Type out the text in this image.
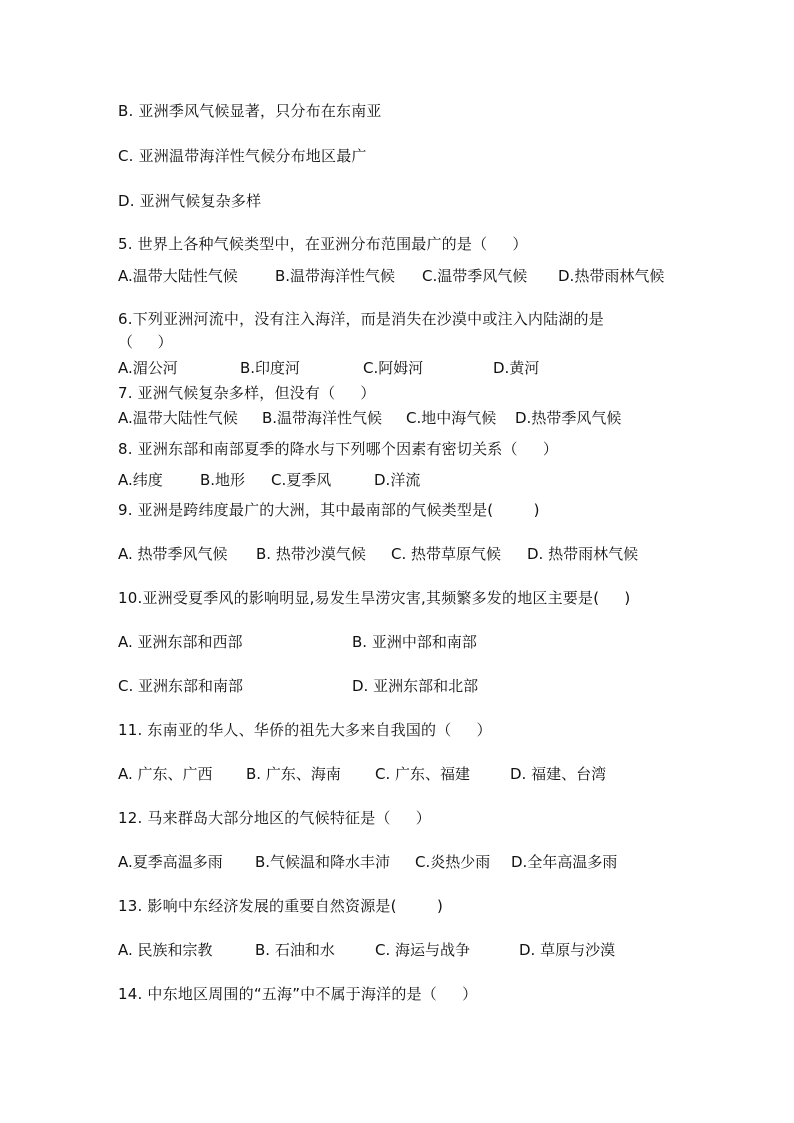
B. 亚洲季风气候显著，只分布在东南亚
C. 亚洲温带海洋性气候分布地区最广
D. 亚洲气候复杂多样
5. 世界上各种气候类型中，在亚洲分布范围最广的是（　  ）
A.温带大陆性气候 B.温带海洋性气候 C.温带季风气候 D.热带雨林气候
6.下列亚洲河流中，没有注入海洋，而是消失在沙漠中或注入内陆湖的是
（　  ）
A.湄公河	B.印度河	C.阿姆河	D.黄河
7. 亚洲气候复杂多样，但没有（　  ）
A.温带大陆性气候 B.温带海洋性气候 C.地中海气候 D.热带季风气候
8. 亚洲东部和南部夏季的降水与下列哪个因素有密切关系（　  ）
A.纬度 B.地形 C.夏季风	D.洋流
9. 亚洲是跨纬度最广的大洲，其中最南部的气候类型是(　　  )
A. 热带季风气候 B. 热带沙漠气候 C. 热带草原气候 D. 热带雨林气候
10.亚洲受夏季风的影响明显,易发生旱涝灾害,其频繁多发的地区主要是(　  )
A. 亚洲东部和西部	B. 亚洲中部和南部
C. 亚洲东部和南部	D. 亚洲东部和北部
11. 东南亚的华人、华侨的祖先大多来自我国的（　  ）
A. 广东、广西 B. 广东、海南 C. 广东、福建	D. 福建、台湾
12. 马来群岛大部分地区的气候特征是（　  ）
A.夏季高温多雨 B.气候温和降水丰沛 C.炎热少雨 D.全年高温多雨
13. 影响中东经济发展的重要自然资源是(　  　)
A. 民族和宗教	B. 石油和水	C. 海运与战争	D. 草原与沙漠
14. 中东地区周围的“五海”中不属于海洋的是（　  ）
